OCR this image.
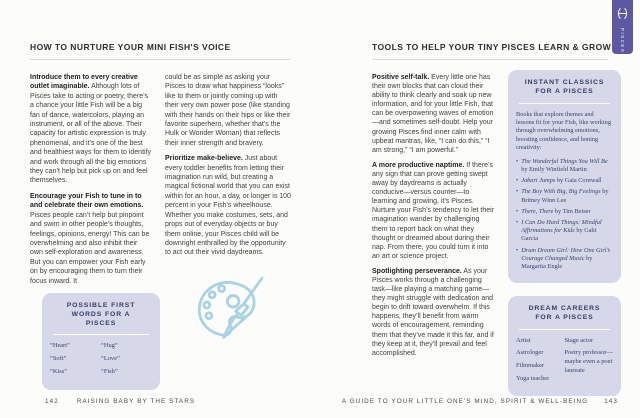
PISCES
HOW TO NURTURE YOUR MINI FISH'S VOICE

Introduce them to every creative outlet imaginable. Although lots of Pisces take to acting or poetry, there’s a chance your little Fish will be a big fan of dance, watercolors, playing an instrument, or all of the above. Their capacity for artistic expression is truly phenomenal, and it’s one of the best and healthiest ways for them to identify and work through all the big emotions they can’t help but pick up on and feel themselves.

Encourage your Fish to tune in to and celebrate their own emotions. Pisces people can’t help but pinpoint and swim in other people’s thoughts, feelings, opinions, energy! This can be overwhelming and also inhibit their own self-exploration and awareness. But you can empower your Fish early on by encouraging them to turn their focus inward. It

POSSIBLE FIRST WORDS FOR A PISCES
“Heart”
“Soft”
“Kiss”
“Hug”
“Love”
“Fish”

could be as simple as asking your Pisces to draw what happiness “looks” like to them or jointly coming up with their very own power pose (like standing with their hands on their hips or like their favorite superhero, whether that’s the Hulk or Wonder Woman) that reflects their inner strength and bravery.

Prioritize make-believe. Just about every toddler benefits from letting their imagination run wild, but creating a magical fictional world that you can exist within for an hour, a day, or longer is 100 percent in your Fish’s wheelhouse. Whether you make costumes, sets, and props out of everyday objects or buy them online, your Pisces child will be downright enthralled by the opportunity to act out their vivid daydreams.

142	RAISING BABY BY THE STARS
TOOLS TO HELP YOUR TINY PISCES LEARN & GROW

Positive self-talk. Every little one has their own blocks that can cloud their ability to think clearly and soak up new information, and for your little Fish, that can be overpowering waves of emotion—and sometimes self-doubt. Help your growing Pisces find inner calm with upbeat mantras, like, “I can do this,” “I am strong,” “I am powerful.”

A more productive naptime. If there’s any sign that can prove getting swept away by daydreams is actually conducive—versus counter—to learning and growing, it’s Pisces. Nurture your Fish’s tendency to let their imagination wander by challenging them to report back on what they thought or dreamed about during their nap. From there, you could turn it into an art or science project.

Spotlighting perseverance. As your Pisces works through a challenging task—like playing a matching game—they might struggle with dedication and begin to drift toward overwhelm. If this happens, they’ll benefit from warm words of encouragement, reminding them that they’ve made it this far, and if they keep at it, they’ll prevail and feel accomplished.

INSTANT CLASSICS FOR A PISCES

Books that explore themes and lessons fit for your Fish, like working through overwhelming emotions, boosting confidence, and honing creativity:

• The Wonderful Things You Will Be by Emily Winfield Martin
• Jabari Jumps by Gaia Cornwall
• The Boy With Big, Big Feelings by Britney Winn Lee
• There, There by Tim Beiser
• I Can Do Hard Things: Mindful Affirmations for Kids by Gabi Garcia
• Drum Dream Girl: How One Girl’s Courage Changed Music by Margarita Engle
DREAM CAREERS FOR A PISCES
Artist
Astrologer
Filmmaker
Yoga teacher
Stage actor
Poetry professor—maybe even a poet laureate
A GUIDE TO YOUR LITTLE ONE'S MIND, SPIRIT & WELL-BEING	143
